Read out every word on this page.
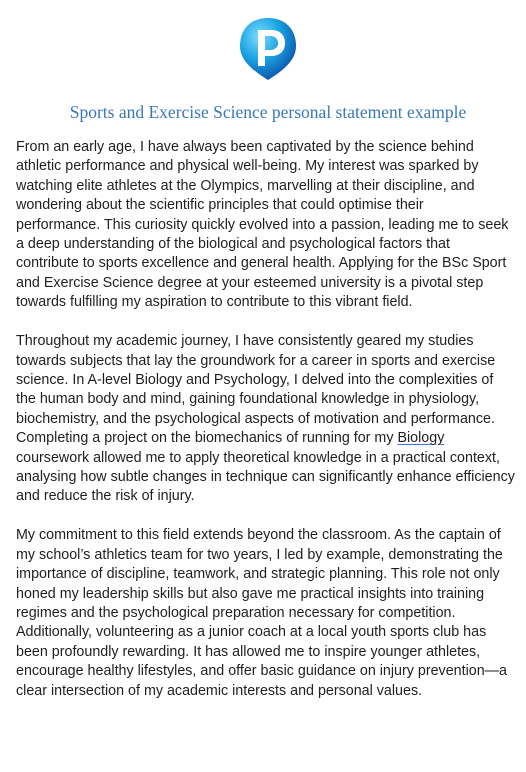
Sports and Exercise Science personal statement example

From an early age, I have always been captivated by the science behind
athletic performance and physical well-being. My interest was sparked by
watching elite athletes at the Olympics, marvelling at their discipline, and
wondering about the scientific principles that could optimise their
performance. This curiosity quickly evolved into a passion, leading me to seek
a deep understanding of the biological and psychological factors that
contribute to sports excellence and general health. Applying for the BSc Sport
and Exercise Science degree at your esteemed university is a pivotal step
towards fulfilling my aspiration to contribute to this vibrant field.

Throughout my academic journey, I have consistently geared my studies
towards subjects that lay the groundwork for a career in sports and exercise
science. In A-level Biology and Psychology, I delved into the complexities of
the human body and mind, gaining foundational knowledge in physiology,
biochemistry, and the psychological aspects of motivation and performance.
Completing a project on the biomechanics of running for my Biology
coursework allowed me to apply theoretical knowledge in a practical context,
analysing how subtle changes in technique can significantly enhance efficiency
and reduce the risk of injury.

My commitment to this field extends beyond the classroom. As the captain of
my school’s athletics team for two years, I led by example, demonstrating the
importance of discipline, teamwork, and strategic planning. This role not only
honed my leadership skills but also gave me practical insights into training
regimes and the psychological preparation necessary for competition.
Additionally, volunteering as a junior coach at a local youth sports club has
been profoundly rewarding. It has allowed me to inspire younger athletes,
encourage healthy lifestyles, and offer basic guidance on injury prevention—a
clear intersection of my academic interests and personal values.
